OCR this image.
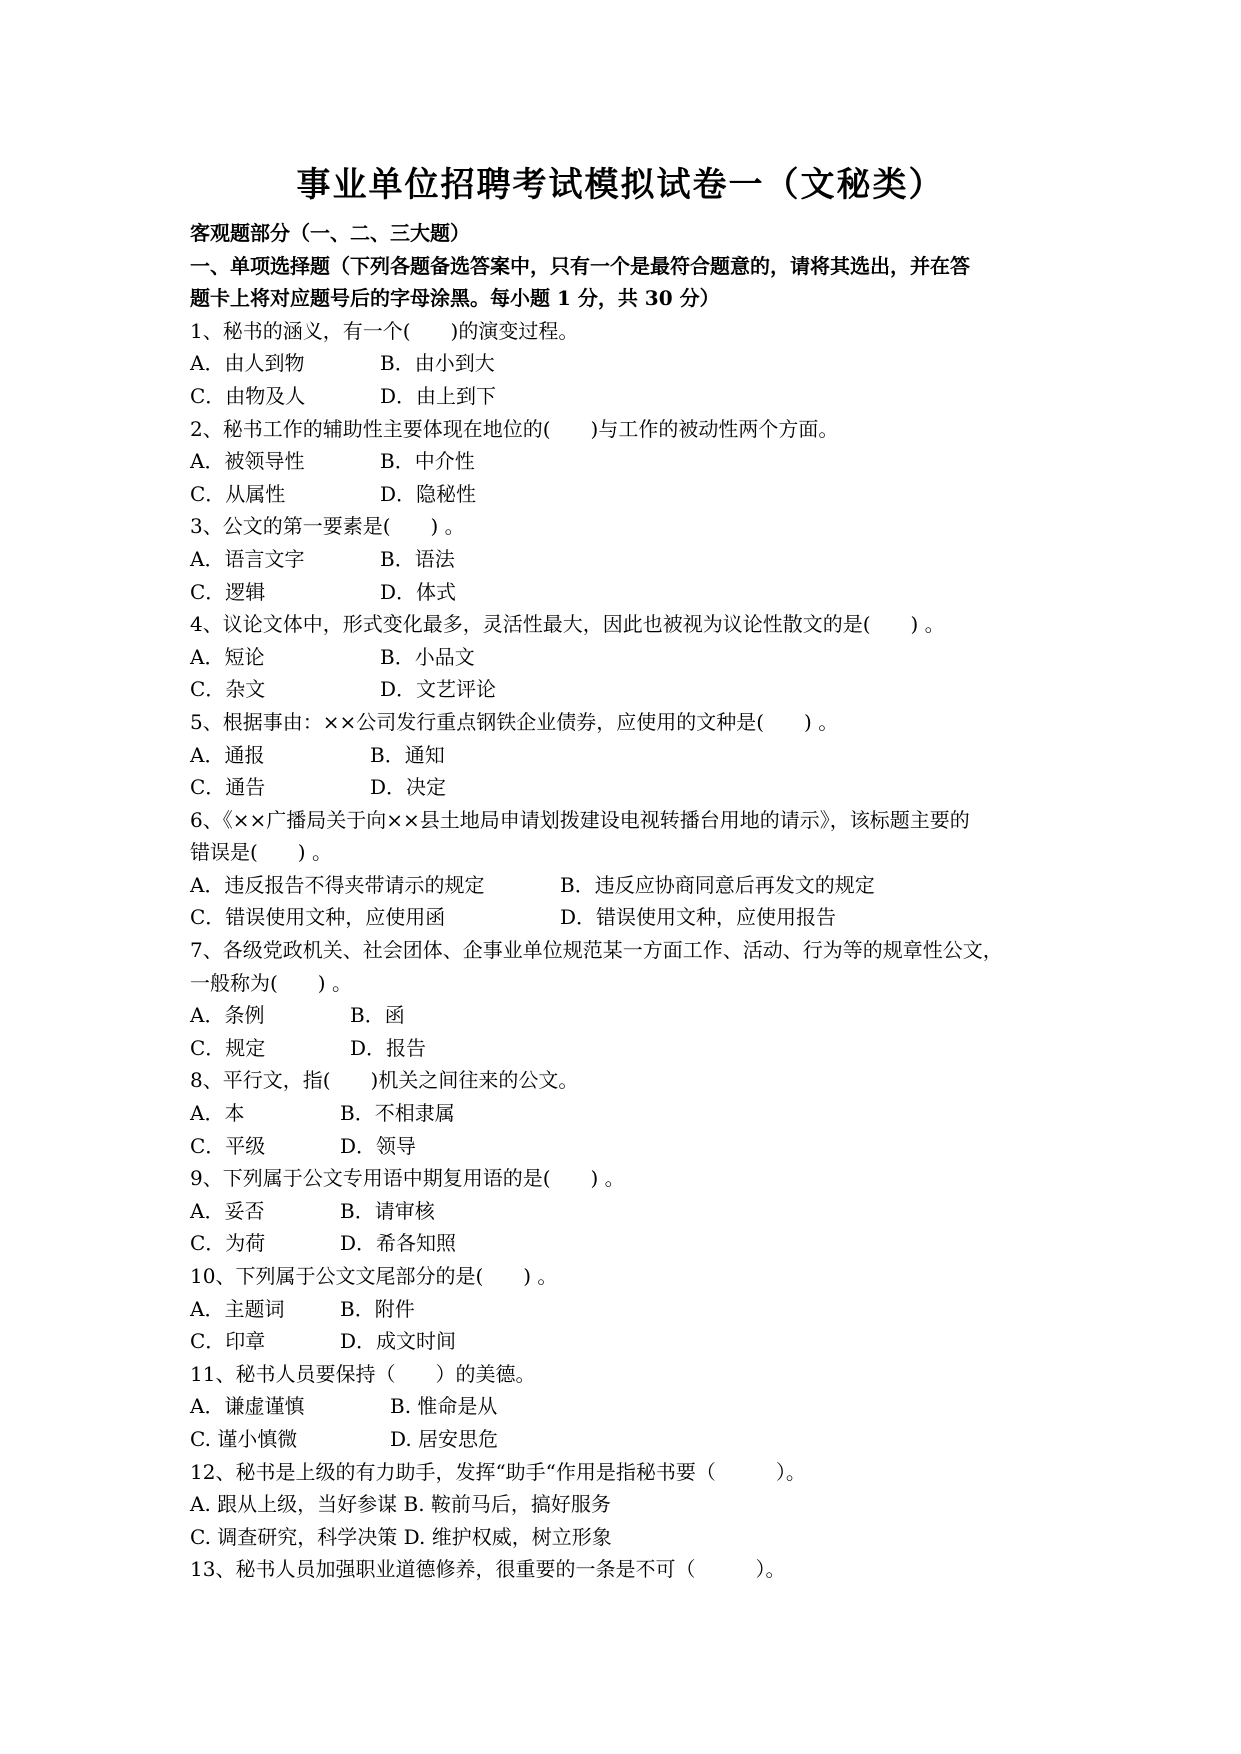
事业单位招聘考试模拟试卷一（文秘类）
客观题部分（一、二、三大题）
一、单项选择题（下列各题备选答案中，只有一个是最符合题意的，请将其选出，并在答
题卡上将对应题号后的字母涂黑。每小题 1 分，共 30 分）
1、秘书的涵义，有一个(　　)的演变过程。
A．由人到物	B．由小到大
C．由物及人	D．由上到下
2、秘书工作的辅助性主要体现在地位的(　　)与工作的被动性两个方面。
A．被领导性	B．中介性
C．从属性	D．隐秘性
3、公文的第一要素是(　　) 。
A．语言文字	B．语法
C．逻辑	D．体式
4、议论文体中，形式变化最多，灵活性最大，因此也被视为议论性散文的是(　　) 。
A．短论	B．小品文
C．杂文	D．文艺评论
5、根据事由：××公司发行重点钢铁企业债券，应使用的文种是(　　) 。
A．通报	B．通知
C．通告	D．决定
6、《××广播局关于向××县土地局申请划拨建设电视转播台用地的请示》，该标题主要的
错误是(　　) 。
A．违反报告不得夹带请示的规定	B．违反应协商同意后再发文的规定
C．错误使用文种，应使用函	D．错误使用文种，应使用报告
7、各级党政机关、社会团体、企事业单位规范某一方面工作、活动、行为等的规章性公文，
一般称为(　　) 。
A．条例	B．函
C．规定	D．报告
8、平行文，指(　　)机关之间往来的公文。
A．本	B．不相隶属
C．平级	D．领导
9、下列属于公文专用语中期复用语的是(　　) 。
A．妥否	B．请审核
C．为荷	D．希各知照
10、下列属于公文文尾部分的是(　　) 。
A．主题词	B．附件
C．印章	D．成文时间
11、秘书人员要保持（　　）的美德。
A．谦虚谨慎	B. 惟命是从
C. 谨小慎微	D. 居安思危
12、秘书是上级的有力助手，发挥“助手“作用是指秘书要（　　　）。
A. 跟从上级，当好参谋 B. 鞍前马后，搞好服务
C. 调查研究，科学决策 D. 维护权威，树立形象
13、秘书人员加强职业道德修养，很重要的一条是不可（　　　）。
